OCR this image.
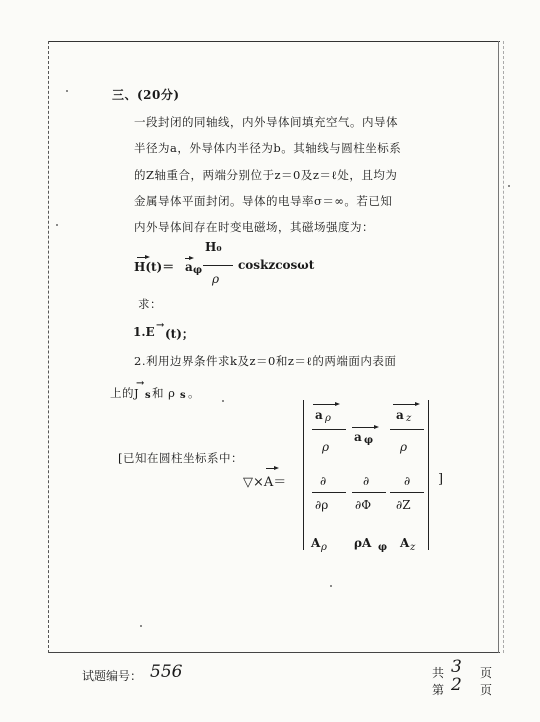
三、(20分)
一段封闭的同轴线，内外导体间填充空气。内导体
半径为a，外导体内半径为b。其轴线与圆柱坐标系
的Z轴重合，两端分别位于z＝0及z＝ℓ处，且均为
金属导体平面封闭。导体的电导率σ＝∞。若已知
内外导体间存在时变电磁场，其磁场强度为：
H(t)＝ a φ
H₀
ρ
coskzcosωt
求：
1.E →
(t)；
2.利用边界条件求k及z＝0和z＝ℓ的两端面内表面
上的J
→
s 和 ρ s 。
[已知在圆柱坐标系中：
▽×A＝	]
a ρ
ρ
a φ
a z
ρ
∂
∂ρ
∂
∂Φ
∂
∂Z
A ρ ρA φ A z
试题编号： 556	共 3 页
第 2 页
